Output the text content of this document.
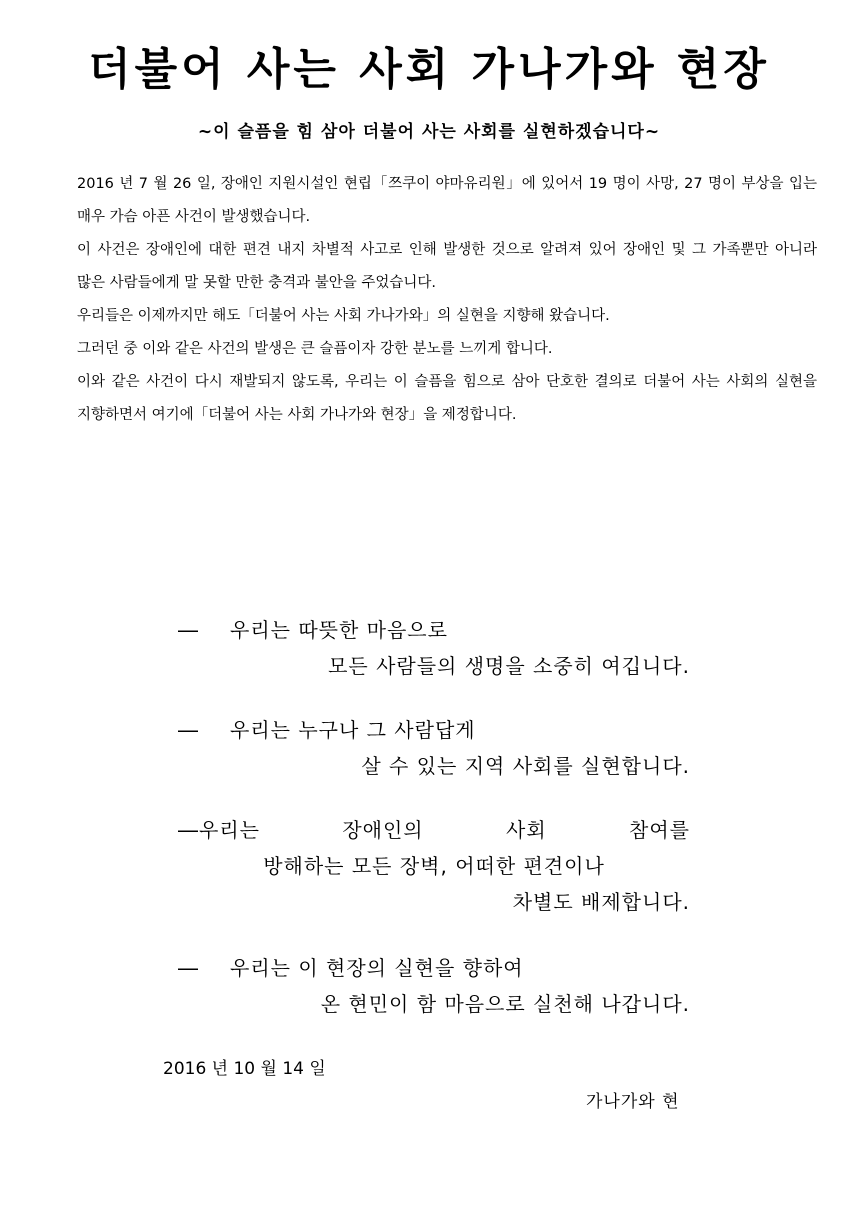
더불어 사는 사회 가나가와 현장
∼이 슬픔을 힘 삼아 더불어 사는 사회를 실현하겠습니다∼

2016 년 7 월 26 일, 장애인 지원시설인 현립「쯔쿠이 야마유리원」에 있어서 19 명이 사망, 27 명이 부상을 입는 매우 가슴 아픈 사건이 발생했습니다.

이 사건은 장애인에 대한 편견 내지 차별적 사고로 인해 발생한 것으로 알려져 있어 장애인 및 그 가족뿐만 아니라 많은 사람들에게 말 못할 만한 충격과 불안을 주었습니다.

우리들은 이제까지만 해도「더불어 사는 사회 가나가와」의 실현을 지향해 왔습니다.

그러던 중 이와 같은 사건의 발생은 큰 슬픔이자 강한 분노를 느끼게 합니다.

이와 같은 사건이 다시 재발되지 않도록, 우리는 이 슬픔을 힘으로 삼아 단호한 결의로 더불어 사는 사회의 실현을 지향하면서 여기에「더불어 사는 사회 가나가와 현장」을 제정합니다.

― 우리는 따뜻한 마음으로
모든 사람들의 생명을 소중히 여깁니다.
― 우리는 누구나 그 사람답게
살 수 있는 지역 사회를 실현합니다.
―우리는	장애인의	사회	참여를
방해하는 모든 장벽, 어떠한 편견이나
차별도 배제합니다.
― 우리는 이 현장의 실현을 향하여
온 현민이 함 마음으로 실천해 나갑니다.
2016 년 10 월 14 일
가나가와 현
